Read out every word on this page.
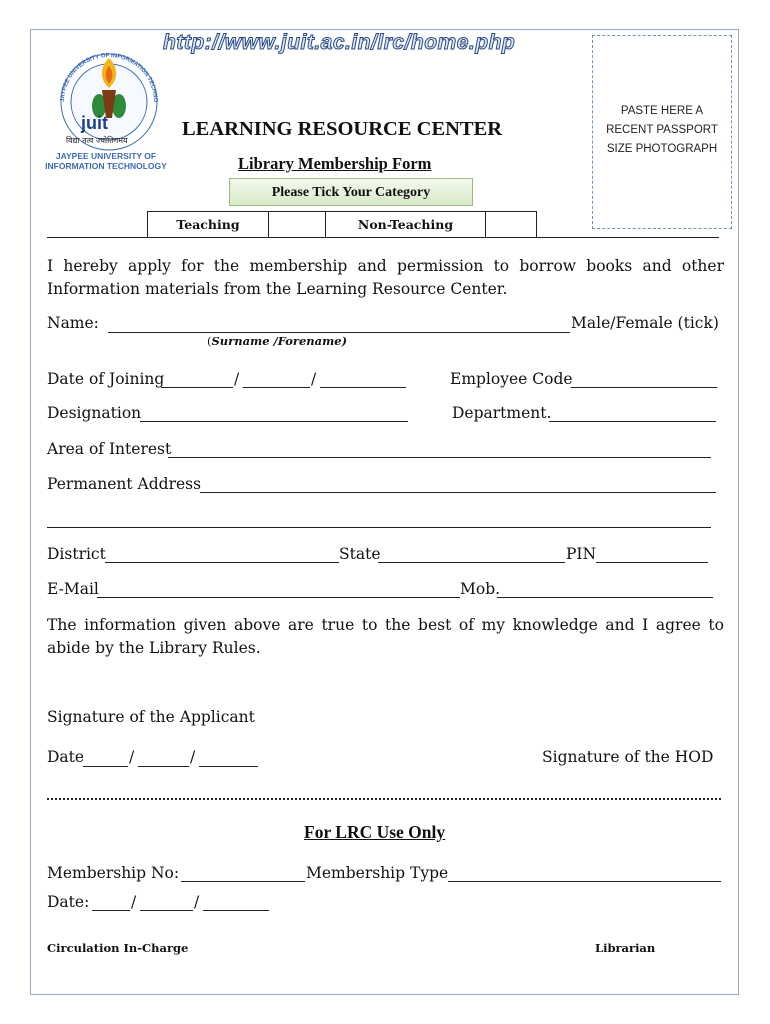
JAYPEE UNIVERSITY OF INFORMATION TECHNO
juit
विद्या तत्व ज्योतिगमय
JAYPEE UNIVERSITY OF
INFORMATION TECHNOLOGY
http://www.juit.ac.in/lrc/home.php
PASTE HERE A
RECENT PASSPORT
SIZE PHOTOGRAPH
LEARNING RESOURCE CENTER
Library Membership Form
Please Tick Your Category
Teaching	Non-Teaching
I hereby apply for the membership and permission to borrow books and other Information materials from the Learning Resource Center.
Name:	Male/Female (tick)
(Surname /Forename)
Date of Joining	/	/	Employee Code
Designation	Department.
Area of Interest
Permanent Address
District	State	PIN
E-Mail	Mob.
The information given above are true to the best of my knowledge and I agree to abide by the Library Rules.
Signature of the Applicant
Date	/	/	Signature of the HOD
For LRC Use Only
Membership No:	Membership Type
Date:	/	/
Circulation In-Charge	Librarian
